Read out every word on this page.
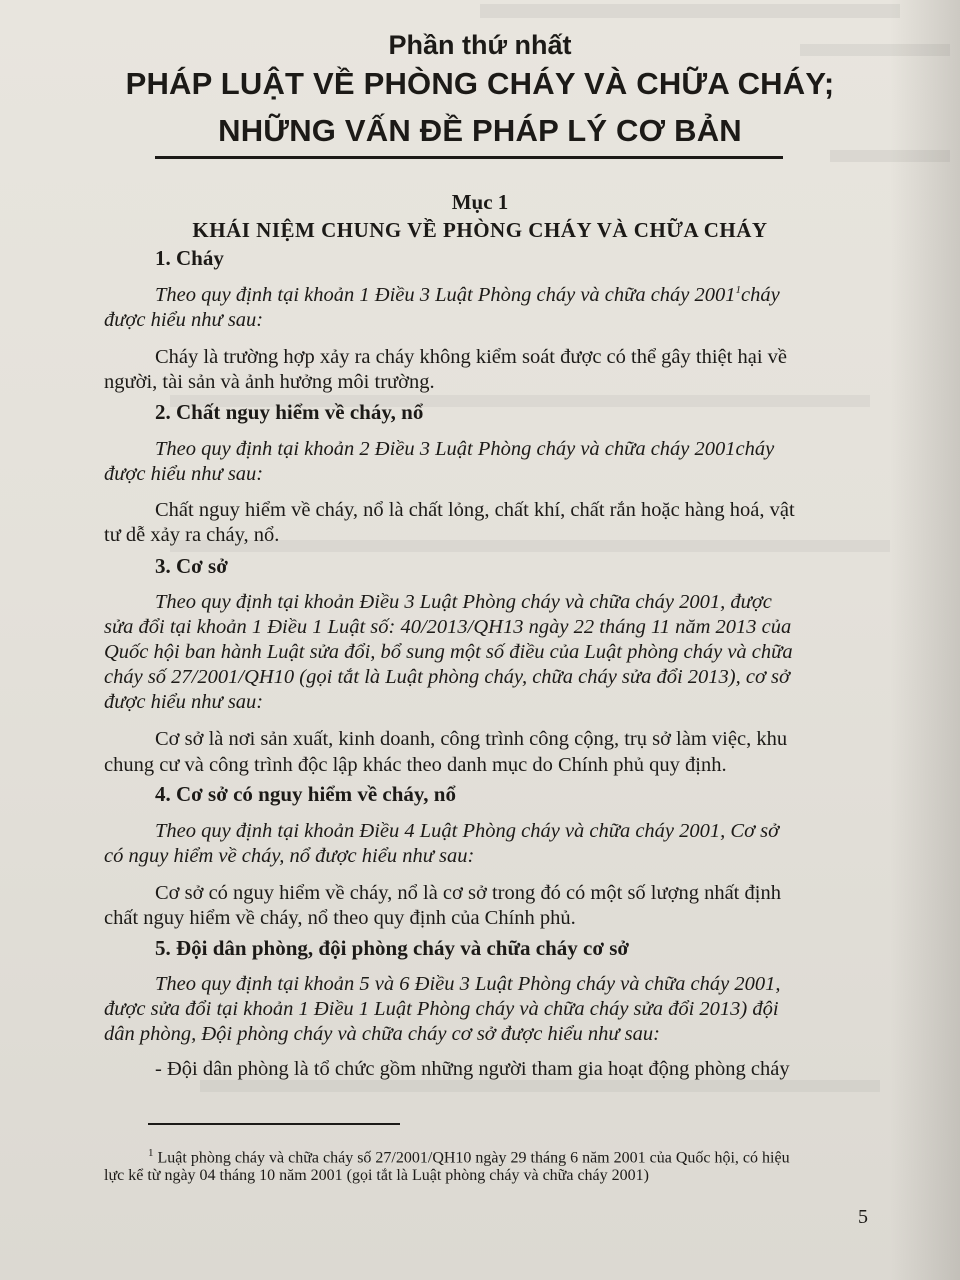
Phần thứ nhất
PHÁP LUẬT VỀ PHÒNG CHÁY VÀ CHỮA CHÁY;
NHỮNG VẤN ĐỀ PHÁP LÝ CƠ BẢN
Mục 1
KHÁI NIỆM CHUNG VỀ PHÒNG CHÁY VÀ CHỮA CHÁY
1. Cháy
Theo quy định tại khoản 1 Điều 3 Luật Phòng cháy và chữa cháy 2001$^1$cháy
được hiểu như sau:
Cháy là trường hợp xảy ra cháy không kiểm soát được có thể gây thiệt hại về
người, tài sản và ảnh hưởng môi trường.
2. Chất nguy hiểm về cháy, nổ
Theo quy định tại khoản 2 Điều 3 Luật Phòng cháy và chữa cháy 2001cháy
được hiểu như sau:
Chất nguy hiểm về cháy, nổ là chất lỏng, chất khí, chất rắn hoặc hàng hoá, vật
tư dễ xảy ra cháy, nổ.
3. Cơ sở
Theo quy định tại khoản Điều 3 Luật Phòng cháy và chữa cháy 2001, được
sửa đổi tại khoản 1 Điều 1 Luật số: 40/2013/QH13 ngày 22 tháng 11 năm 2013 của
Quốc hội ban hành Luật sửa đổi, bổ sung một số điều của Luật phòng cháy và chữa
cháy số 27/2001/QH10 (gọi tắt là Luật phòng cháy, chữa cháy sửa đổi 2013), cơ sở
được hiểu như sau:
Cơ sở là nơi sản xuất, kinh doanh, công trình công cộng, trụ sở làm việc, khu
chung cư và công trình độc lập khác theo danh mục do Chính phủ quy định.
4. Cơ sở có nguy hiểm về cháy, nổ
Theo quy định tại khoản Điều 4 Luật Phòng cháy và chữa cháy 2001, Cơ sở
có nguy hiểm về cháy, nổ được hiểu như sau:
Cơ sở có nguy hiểm về cháy, nổ là cơ sở trong đó có một số lượng nhất định
chất nguy hiểm về cháy, nổ theo quy định của Chính phủ.
5. Đội dân phòng, đội phòng cháy và chữa cháy cơ sở
Theo quy định tại khoản 5 và 6 Điều 3 Luật Phòng cháy và chữa cháy 2001,
được sửa đổi tại khoản 1 Điều 1 Luật Phòng cháy và chữa cháy sửa đổi 2013) đội
dân phòng, Đội phòng cháy và chữa cháy cơ sở được hiểu như sau:
- Đội dân phòng là tổ chức gồm những người tham gia hoạt động phòng cháy
$^1$ Luật phòng cháy và chữa cháy số 27/2001/QH10 ngày 29 tháng 6 năm 2001 của Quốc hội, có hiệu
lực kể từ ngày 04 tháng 10 năm 2001 (gọi tắt là Luật phòng cháy và chữa cháy 2001)
5
